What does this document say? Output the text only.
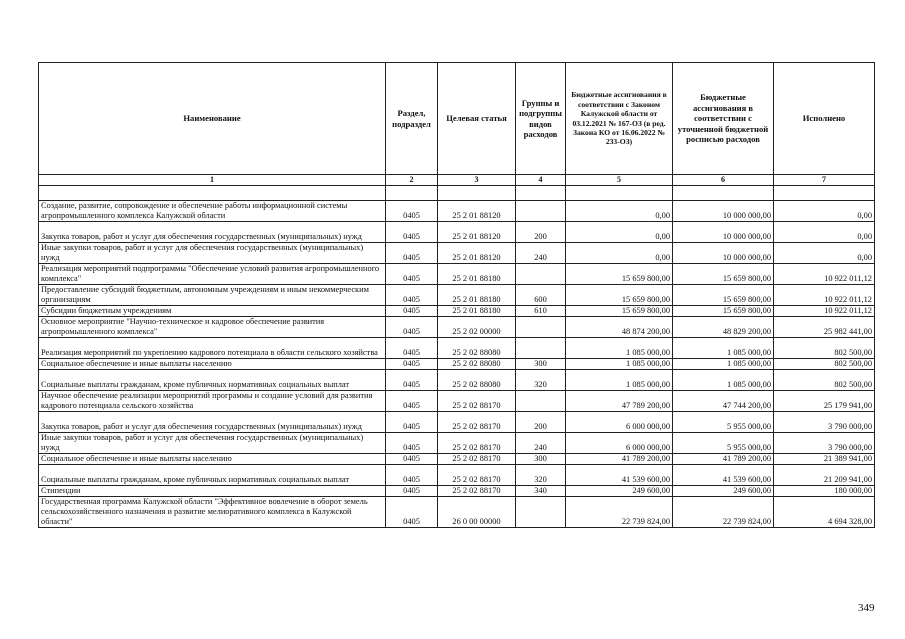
Наименование	Раздел, подраздел	Целевая статья	Группы и подгруппы видов расходов	Бюджетные ассигнования в соответствии с Законом Калужской области от 03.12.2021 № 167-ОЗ (в ред. Закона КО от 16.06.2022 № 233-ОЗ)	Бюджетные ассигнования в соответствии с уточненной бюджетной росписью расходов	Исполнено
1	2	3	4	5	6	7

Создание, развитие, сопровождение и обеспечение работы информационной системы агропромышленного комплекса Калужской области	0405	25 2 01 88120		0,00	10 000 000,00	0,00
Закупка товаров, работ и услуг для обеспечения государственных (муниципальных) нужд	0405	25 2 01 88120	200	0,00	10 000 000,00	0,00
Иные закупки товаров, работ и услуг для обеспечения государственных (муниципальных) нужд	0405	25 2 01 88120	240	0,00	10 000 000,00	0,00
Реализация мероприятий подпрограммы "Обеспечение условий развития агропромышленного комплекса"	0405	25 2 01 88180		15 659 800,00	15 659 800,00	10 922 011,12
Предоставление субсидий бюджетным, автономным учреждениям и иным некоммерческим организациям	0405	25 2 01 88180	600	15 659 800,00	15 659 800,00	10 922 011,12
Субсидии бюджетным учреждениям	0405	25 2 01 88180	610	15 659 800,00	15 659 800,00	10 922 011,12
Основное мероприятие "Научно-техническое и кадровое обеспечение развития агропромышленного комплекса"	0405	25 2 02 00000		48 874 200,00	48 829 200,00	25 982 441,00
Реализация мероприятий по укреплению кадрового потенциала в области сельского хозяйства	0405	25 2 02 88080		1 085 000,00	1 085 000,00	802 500,00
Социальное обеспечение и иные выплаты населению	0405	25 2 02 88080	300	1 085 000,00	1 085 000,00	802 500,00
Социальные выплаты гражданам, кроме публичных нормативных социальных выплат	0405	25 2 02 88080	320	1 085 000,00	1 085 000,00	802 500,00
Научное обеспечение реализации мероприятий программы и создание условий для развития кадрового потенциала сельского хозяйства	0405	25 2 02 88170		47 789 200,00	47 744 200,00	25 179 941,00
Закупка товаров, работ и услуг для обеспечения государственных (муниципальных) нужд	0405	25 2 02 88170	200	6 000 000,00	5 955 000,00	3 790 000,00
Иные закупки товаров, работ и услуг для обеспечения государственных (муниципальных) нужд	0405	25 2 02 88170	240	6 000 000,00	5 955 000,00	3 790 000,00
Социальное обеспечение и иные выплаты населению	0405	25 2 02 88170	300	41 789 200,00	41 789 200,00	21 389 941,00
Социальные выплаты гражданам, кроме публичных нормативных социальных выплат	0405	25 2 02 88170	320	41 539 600,00	41 539 600,00	21 209 941,00
Стипендии	0405	25 2 02 88170	340	249 600,00	249 600,00	180 000,00
Государственная программа Калужской области "Эффективное вовлечение в оборот земель сельскохозяйственного назначения и развитие мелиоративного комплекса в Калужской области"	0405	26 0 00 00000		22 739 824,00	22 739 824,00	4 694 328,00
349
